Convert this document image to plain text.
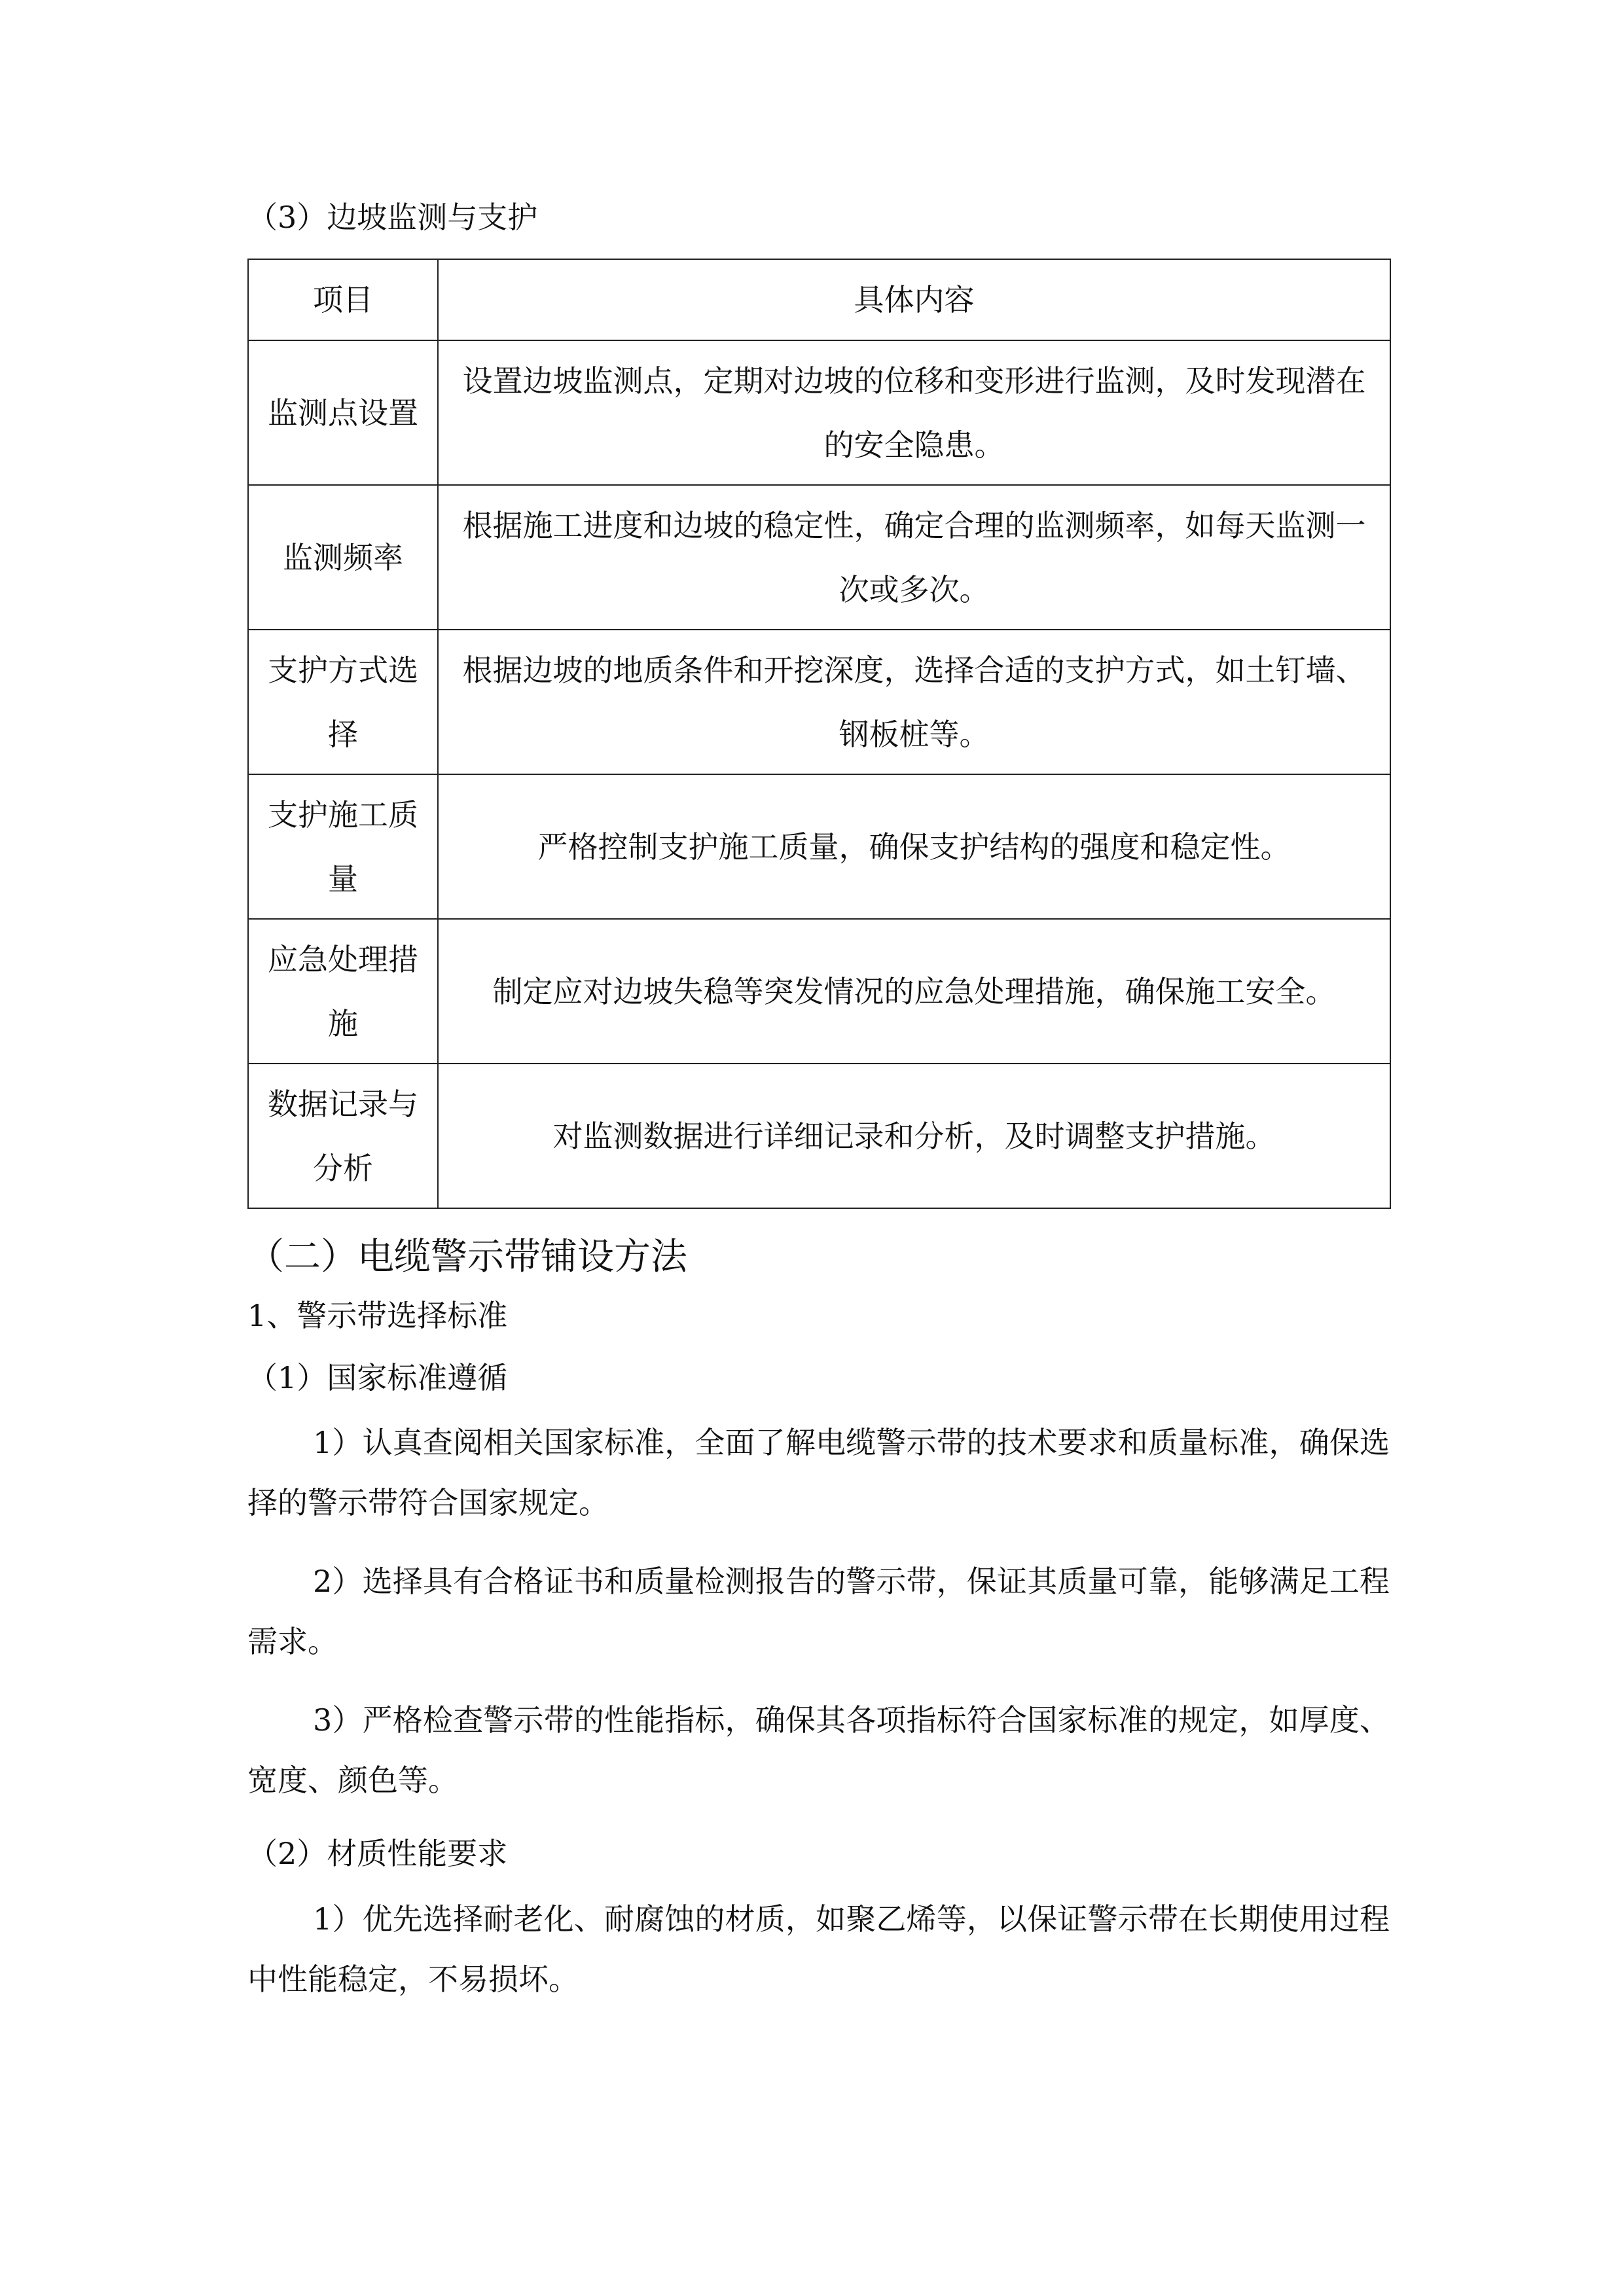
（3）边坡监测与支护
项目	具体内容
监测点设置	设置边坡监测点，定期对边坡的位移和变形进行监测，及时发现潜在的安全隐患。
监测频率	根据施工进度和边坡的稳定性，确定合理的监测频率，如每天监测一次或多次。
支护方式选择	根据边坡的地质条件和开挖深度，选择合适的支护方式，如土钉墙、钢板桩等。
支护施工质量	严格控制支护施工质量，确保支护结构的强度和稳定性。
应急处理措施	制定应对边坡失稳等突发情况的应急处理措施，确保施工安全。
数据记录与分析	对监测数据进行详细记录和分析，及时调整支护措施。
（二）电缆警示带铺设方法
1、警示带选择标准
（1）国家标准遵循
1）认真查阅相关国家标准，全面了解电缆警示带的技术要求和质量标准，确保选择的警示带符合国家规定。
2）选择具有合格证书和质量检测报告的警示带，保证其质量可靠，能够满足工程需求。
3）严格检查警示带的性能指标，确保其各项指标符合国家标准的规定，如厚度、宽度、颜色等。
（2）材质性能要求
1）优先选择耐老化、耐腐蚀的材质，如聚乙烯等，以保证警示带在长期使用过程中性能稳定，不易损坏。
